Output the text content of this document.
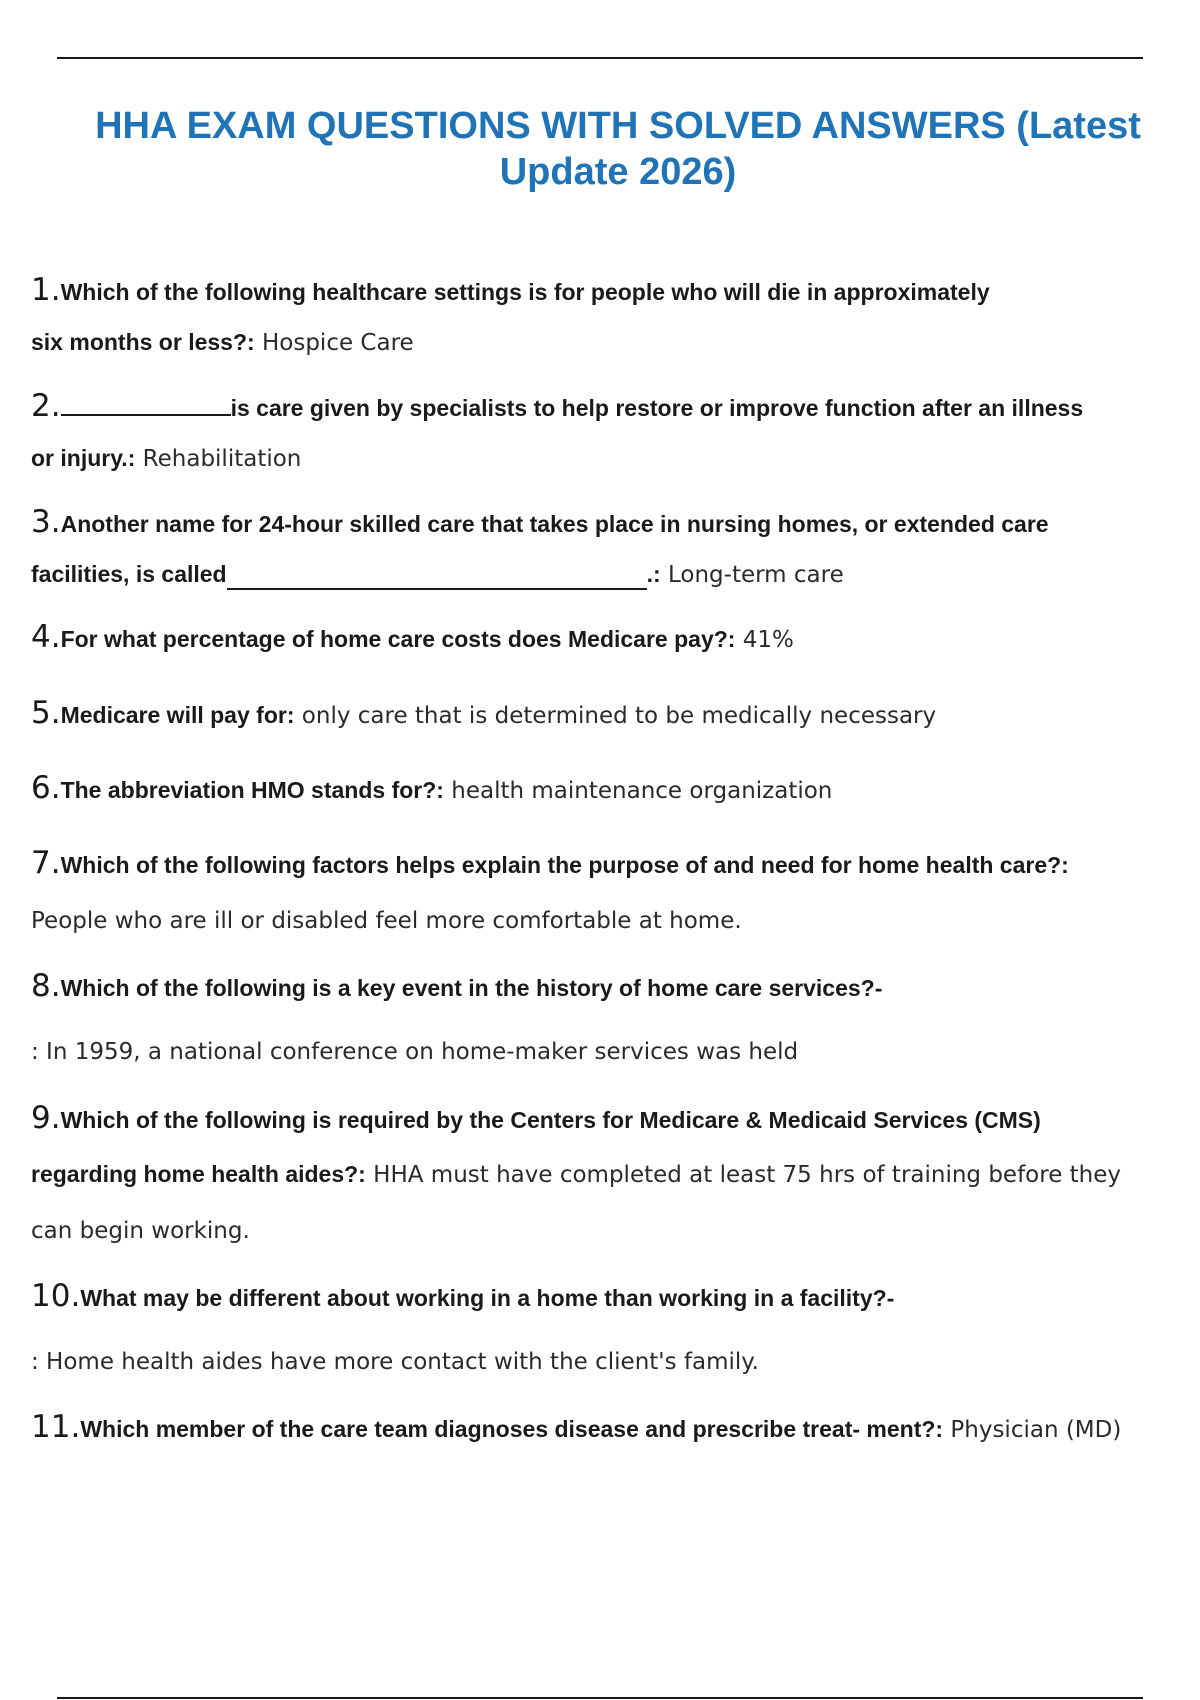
HHA EXAM QUESTIONS WITH SOLVED ANSWERS (Latest Update 2026)
1.Which of the following healthcare settings is for people who will die in approximately
six months or less?: Hospice Care
2.	is care given by specialists to help restore or improve function after an illness
or injury.: Rehabilitation
3.Another name for 24-hour skilled care that takes place in nursing homes, or extended care
facilities, is called	.: Long-term care
4.For what percentage of home care costs does Medicare pay?: 41%
5.Medicare will pay for: only care that is determined to be medically necessary
6.The abbreviation HMO stands for?: health maintenance organization
7.Which of the following factors helps explain the purpose of and need for home health care?:
People who are ill or disabled feel more comfortable at home.
8.Which of the following is a key event in the history of home care services?-
: In 1959, a national conference on home-maker services was held
9.Which of the following is required by the Centers for Medicare & Medicaid Services (CMS)
regarding home health aides?: HHA must have completed at least 75 hrs of training before they
can begin working.
10.What may be different about working in a home than working in a facility?-
: Home health aides have more contact with the client's family.
11.Which member of the care team diagnoses disease and prescribe treat- ment?: Physician (MD)
